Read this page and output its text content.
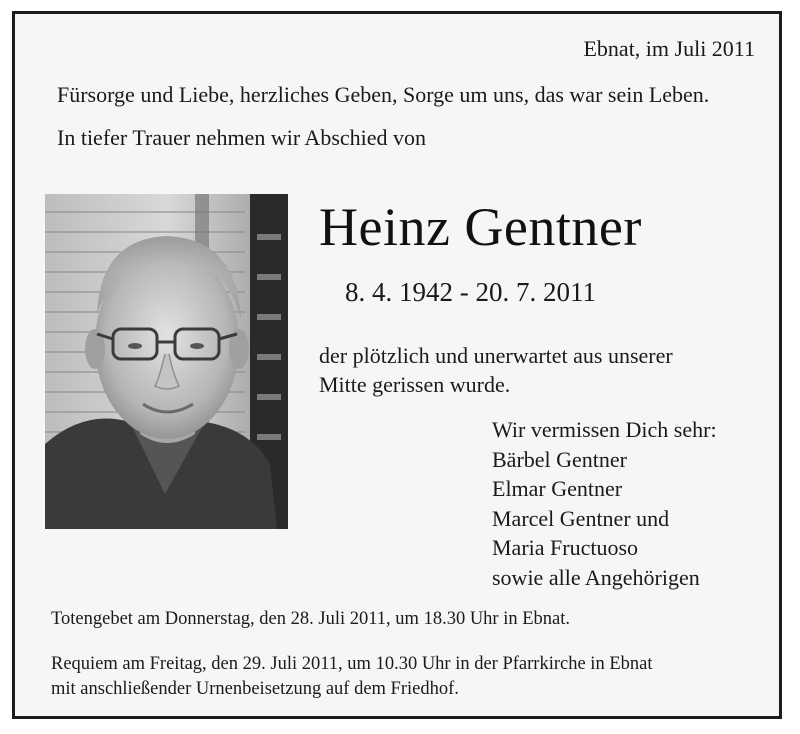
Ebnat, im Juli 2011
Fürsorge und Liebe, herzliches Geben, Sorge um uns, das war sein Leben.
In tiefer Trauer nehmen wir Abschied von
Heinz Gentner
8. 4. 1942 - 20. 7. 2011
der plötzlich und unerwartet aus unserer
Mitte gerissen wurde.
Wir vermissen Dich sehr:
Bärbel Gentner
Elmar Gentner
Marcel Gentner und
Maria Fructuoso
sowie alle Angehörigen
Totengebet am Donnerstag, den 28. Juli 2011, um 18.30 Uhr in Ebnat.
Requiem am Freitag, den 29. Juli 2011, um 10.30 Uhr in der Pfarrkirche in Ebnat
mit anschließender Urnenbeisetzung auf dem Friedhof.
